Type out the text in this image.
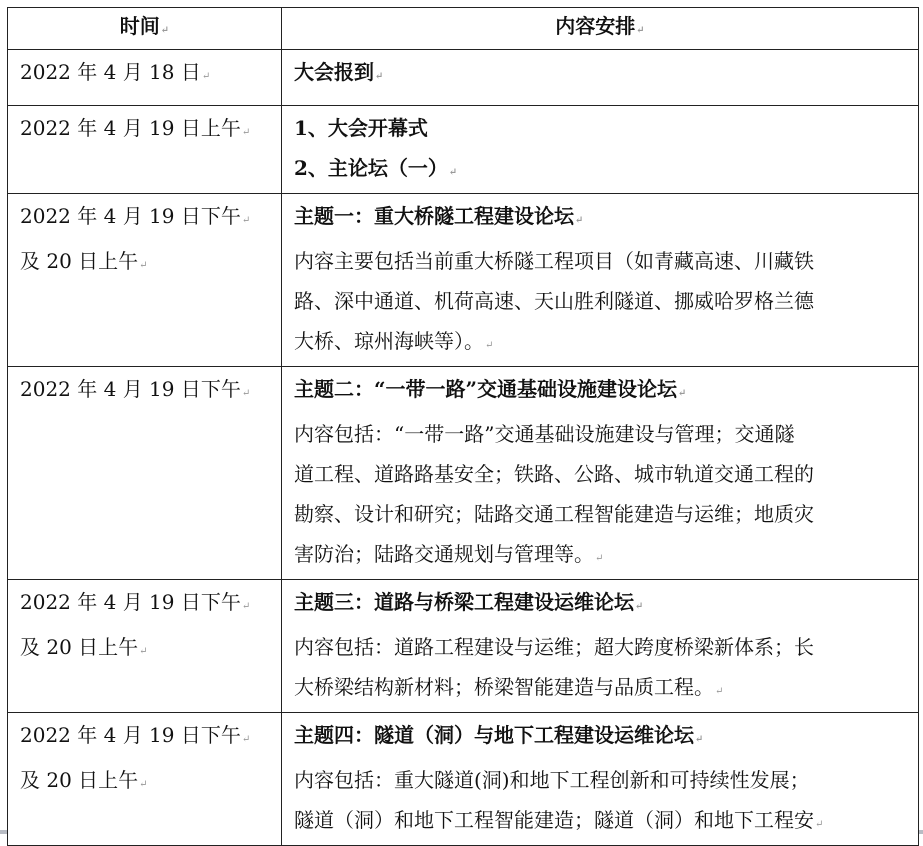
时间 ↵	内容安排 ↵

2022 年 4 月 18 日 ↵	大会报到 ↵

2022 年 4 月 19 日上午 ↵	1、大会开幕式
2、主论坛（一） ↵

2022 年 4 月 19 日下午 ↵
及 20 日上午 ↵	主题一：重大桥隧工程建设论坛 ↵
内容主要包括当前重大桥隧工程项目（如青藏高速、川藏铁
路、深中通道、机荷高速、天山胜利隧道、挪威哈罗格兰德
大桥、琼州海峡等）。 ↵

2022 年 4 月 19 日下午 ↵	主题二：“一带一路”交通基础设施建设论坛 ↵
内容包括：“一带一路”交通基础设施建设与管理；交通隧
道工程、道路路基安全；铁路、公路、城市轨道交通工程的
勘察、设计和研究；陆路交通工程智能建造与运维；地质灾
害防治；陆路交通规划与管理等。 ↵

2022 年 4 月 19 日下午 ↵
及 20 日上午 ↵	主题三：道路与桥梁工程建设运维论坛 ↵
内容包括：道路工程建设与运维；超大跨度桥梁新体系；长
大桥梁结构新材料；桥梁智能建造与品质工程。 ↵

2022 年 4 月 19 日下午 ↵
及 20 日上午 ↵	主题四：隧道（洞）与地下工程建设运维论坛 ↵
内容包括：重大隧道(洞)和地下工程创新和可持续性发展；
隧道（洞）和地下工程智能建造；隧道（洞）和地下工程安 ↵
